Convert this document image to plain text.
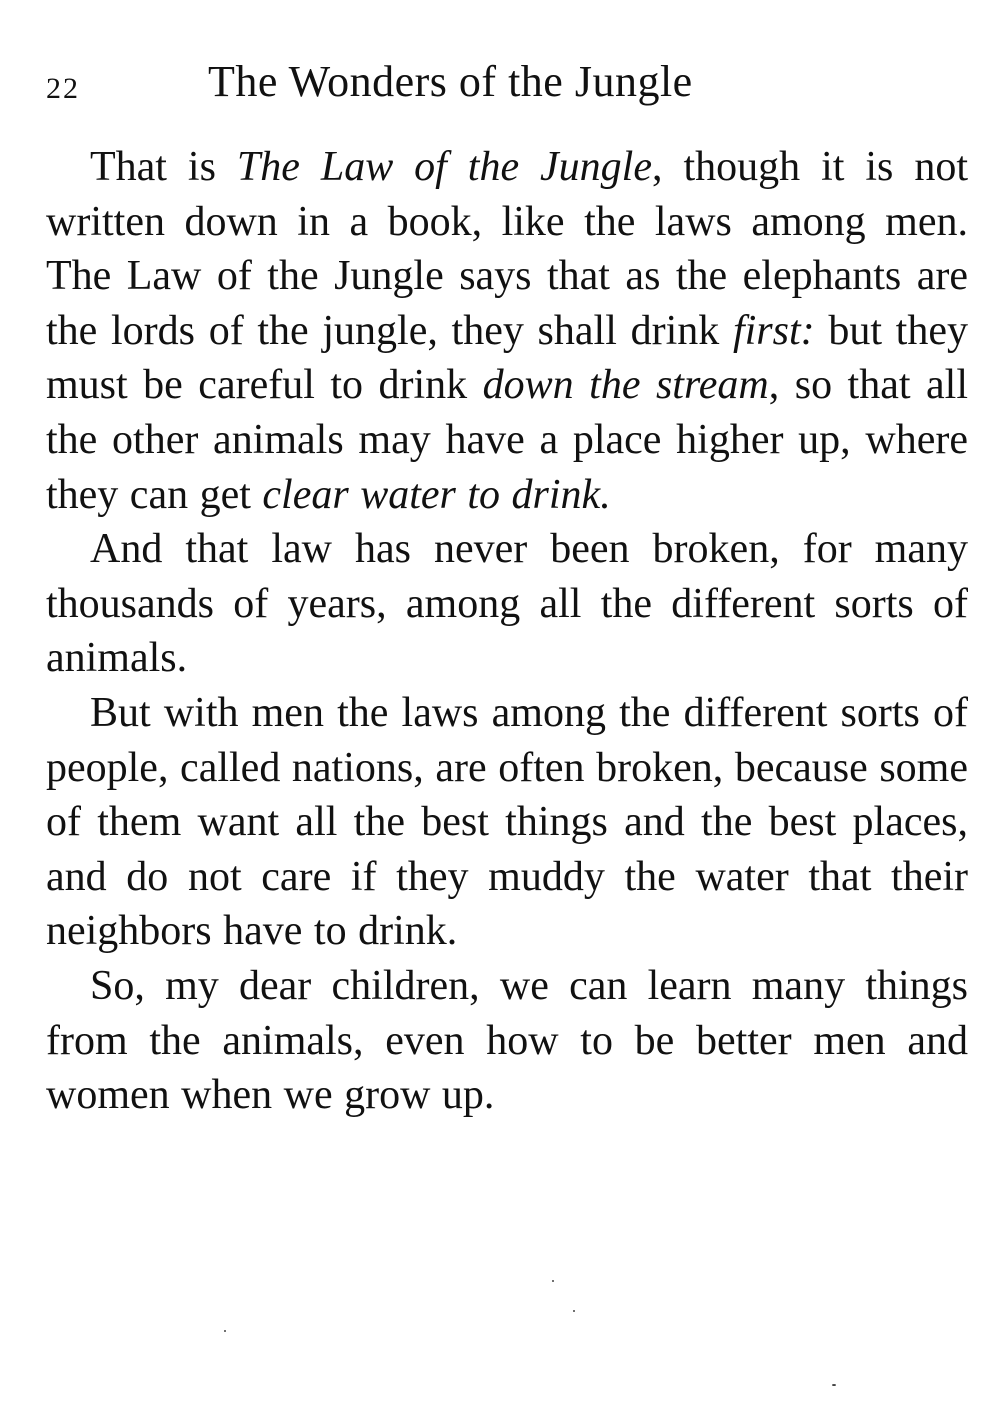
22	The Wonders of the Jungle

That is The Law of the Jungle, though it is not written down in a book, like the laws among men. The Law of the Jungle says that as the elephants are the lords of the jungle, they shall drink first: but they must be careful to drink down the stream, so that all the other animals may have a place higher up, where they can get clear water to drink.

And that law has never been broken, for many thousands of years, among all the different sorts of animals.

But with men the laws among the different sorts of people, called nations, are often broken, because some of them want all the best things and the best places, and do not care if they muddy the water that their neighbors have to drink.

So, my dear children, we can learn many things from the animals, even how to be better men and women when we grow up.
